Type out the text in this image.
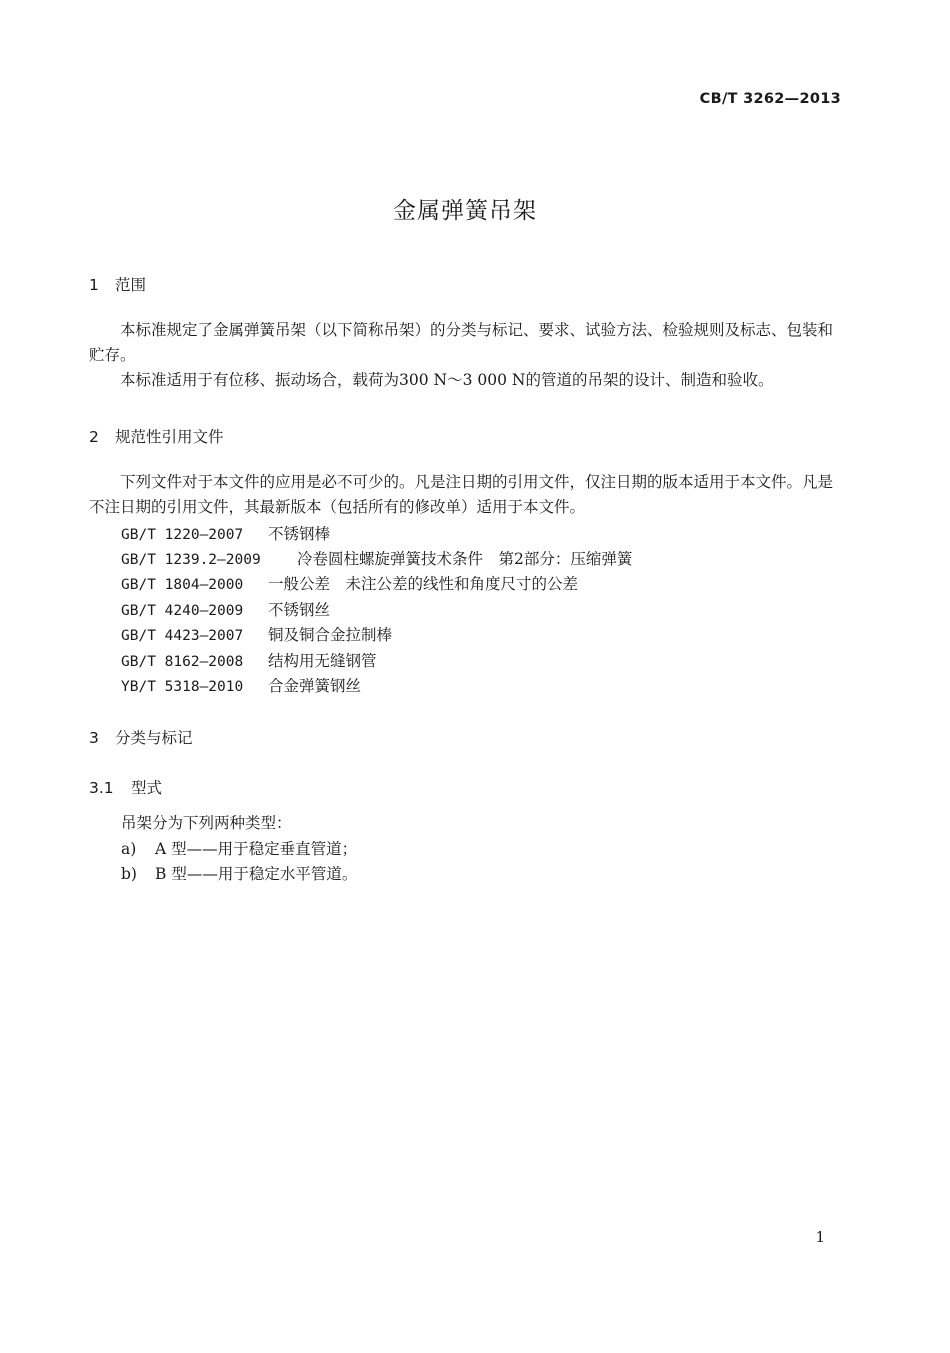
CB/T 3262—2013
金属弹簧吊架
1 范围
本标准规定了金属弹簧吊架（以下简称吊架）的分类与标记、要求、试验方法、检验规则及标志、包装和贮存。
本标准适用于有位移、振动场合，载荷为300 N～3 000 N的管道的吊架的设计、制造和验收。
2 规范性引用文件
下列文件对于本文件的应用是必不可少的。凡是注日期的引用文件，仅注日期的版本适用于本文件。凡是不注日期的引用文件，其最新版本（包括所有的修改单）适用于本文件。
GB/T 1220—2007 不锈钢棒
GB/T 1239.2—2009 冷卷圆柱螺旋弹簧技术条件　第2部分：压缩弹簧
GB/T 1804—2000 一般公差　未注公差的线性和角度尺寸的公差
GB/T 4240—2009 不锈钢丝
GB/T 4423—2007 铜及铜合金拉制棒
GB/T 8162—2008 结构用无缝钢管
YB/T 5318—2010 合金弹簧钢丝
3 分类与标记
3.1 型式
吊架分为下列两种类型：
a) A 型——用于稳定垂直管道；
b) B 型——用于稳定水平管道。
1
